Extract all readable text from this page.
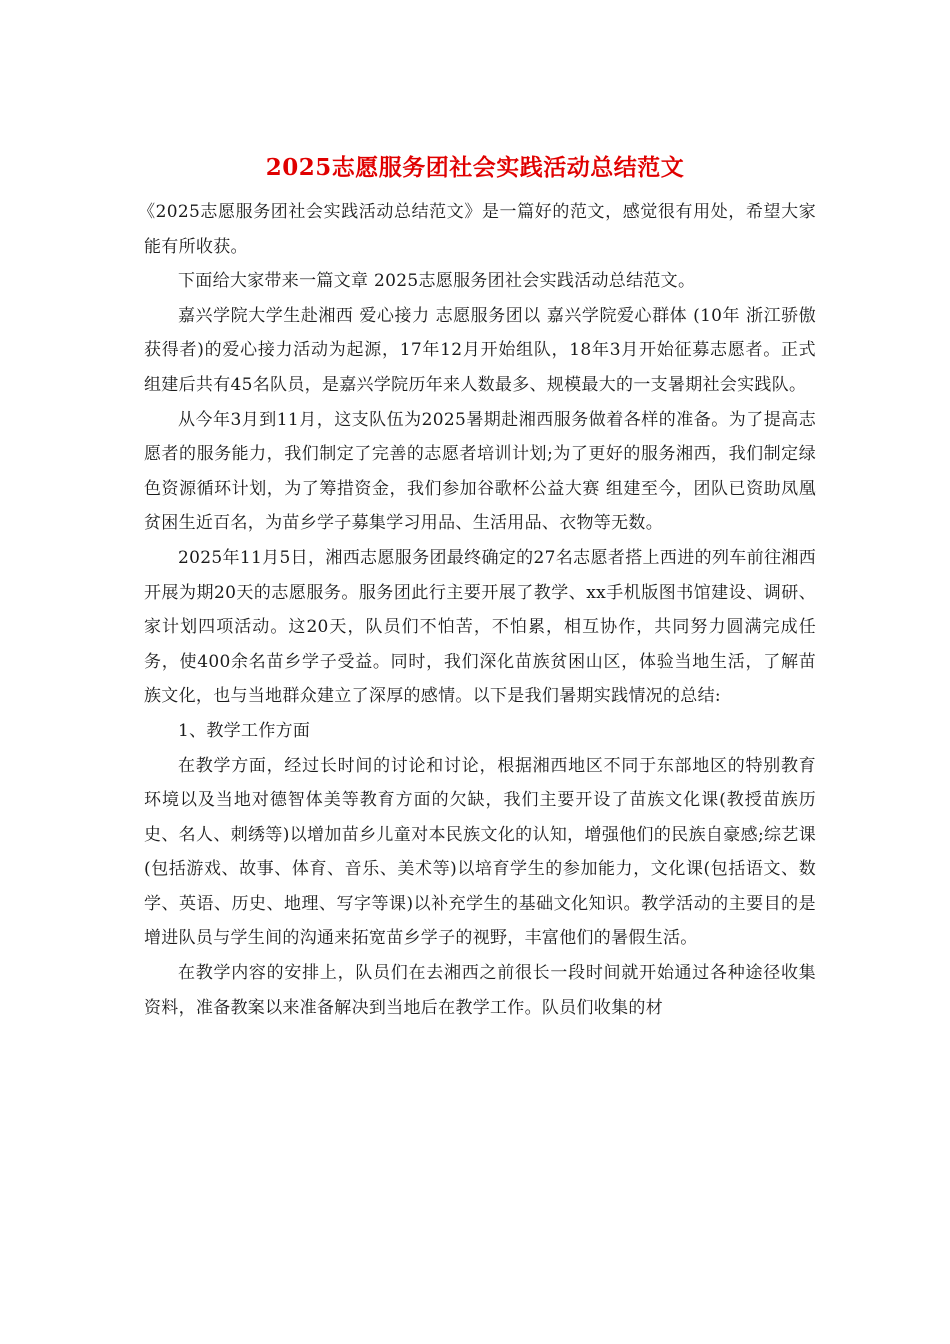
2025志愿服务团社会实践活动总结范文

《2025志愿服务团社会实践活动总结范文》是一篇好的范文，感觉很有用处，希望大家能有所收获。

下面给大家带来一篇文章 2025志愿服务团社会实践活动总结范文。

嘉兴学院大学生赴湘西 爱心接力 志愿服务团以 嘉兴学院爱心群体 (10年 浙江骄傲 获得者)的爱心接力活动为起源，17年12月开始组队，18年3月开始征募志愿者。正式组建后共有45名队员，是嘉兴学院历年来人数最多、规模最大的一支暑期社会实践队。

从今年3月到11月，这支队伍为2025暑期赴湘西服务做着各样的准备。为了提高志愿者的服务能力，我们制定了完善的志愿者培训计划;为了更好的服务湘西，我们制定绿色资源循环计划，为了筹措资金，我们参加谷歌杯公益大赛 组建至今，团队已资助凤凰贫困生近百名，为苗乡学子募集学习用品、生活用品、衣物等无数。

2025年11月5日，湘西志愿服务团最终确定的27名志愿者搭上西进的列车前往湘西开展为期20天的志愿服务。服务团此行主要开展了教学、xx手机版图书馆建设、调研、家计划四项活动。这20天，队员们不怕苦，不怕累，相互协作，共同努力圆满完成任务，使400余名苗乡学子受益。同时，我们深化苗族贫困山区，体验当地生活，了解苗族文化，也与当地群众建立了深厚的感情。以下是我们暑期实践情况的总结:

1、教学工作方面

在教学方面，经过长时间的讨论和讨论，根据湘西地区不同于东部地区的特别教育环境以及当地对德智体美等教育方面的欠缺，我们主要开设了苗族文化课(教授苗族历史、名人、刺绣等)以增加苗乡儿童对本民族文化的认知，增强他们的民族自豪感;综艺课(包括游戏、故事、体育、音乐、美术等)以培育学生的参加能力，文化课(包括语文、数学、英语、历史、地理、写字等课)以补充学生的基础文化知识。教学活动的主要目的是增进队员与学生间的沟通来拓宽苗乡学子的视野，丰富他们的暑假生活。

在教学内容的安排上，队员们在去湘西之前很长一段时间就开始通过各种途径收集资料，准备教案以来准备解决到当地后在教学工作。队员们收集的材
